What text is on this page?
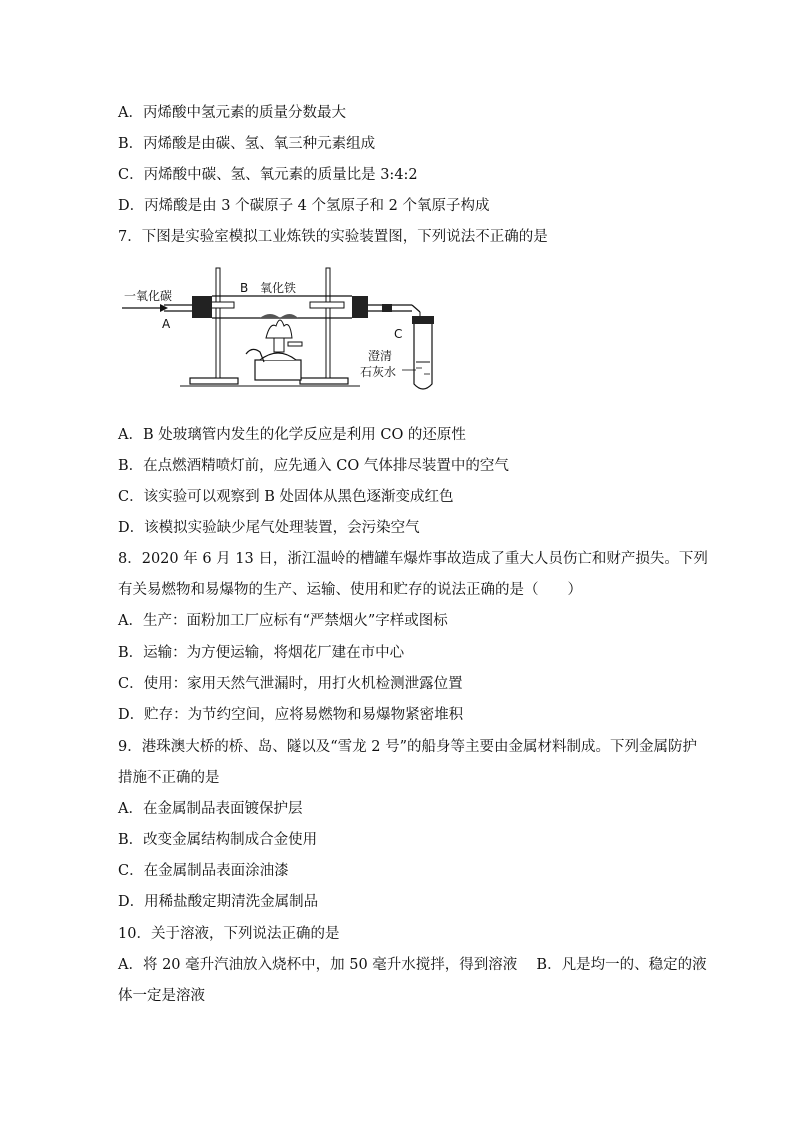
A．丙烯酸中氢元素的质量分数最大
B．丙烯酸是由碳、氢、氧三种元素组成
C．丙烯酸中碳、氢、氧元素的质量比是 3:4:2
D．丙烯酸是由 3 个碳原子 4 个氢原子和 2 个氧原子构成
7．下图是实验室模拟工业炼铁的实验装置图，下列说法不正确的是
一氧化碳
A
B 氧化铁
C
澄清
石灰水
A．B 处玻璃管内发生的化学反应是利用 CO 的还原性
B．在点燃酒精喷灯前，应先通入 CO 气体排尽装置中的空气
C．该实验可以观察到 B 处固体从黑色逐渐变成红色
D．该模拟实验缺少尾气处理装置，会污染空气
8．2020 年 6 月 13 日，浙江温岭的槽罐车爆炸事故造成了重大人员伤亡和财产损失。下列
有关易燃物和易爆物的生产、运输、使用和贮存的说法正确的是（　　）
A．生产：面粉加工厂应标有“严禁烟火”字样或图标
B．运输：为方便运输，将烟花厂建在市中心
C．使用：家用天然气泄漏时，用打火机检测泄露位置
D．贮存：为节约空间，应将易燃物和易爆物紧密堆积
9．港珠澳大桥的桥、岛、隧以及“雪龙 2 号”的船身等主要由金属材料制成。下列金属防护
措施不正确的是
A．在金属制品表面镀保护层
B．改变金属结构制成合金使用
C．在金属制品表面涂油漆
D．用稀盐酸定期清洗金属制品
10．关于溶液，下列说法正确的是
A．将 20 毫升汽油放入烧杯中，加 50 毫升水搅拌，得到溶液　 B．凡是均一的、稳定的液
体一定是溶液
